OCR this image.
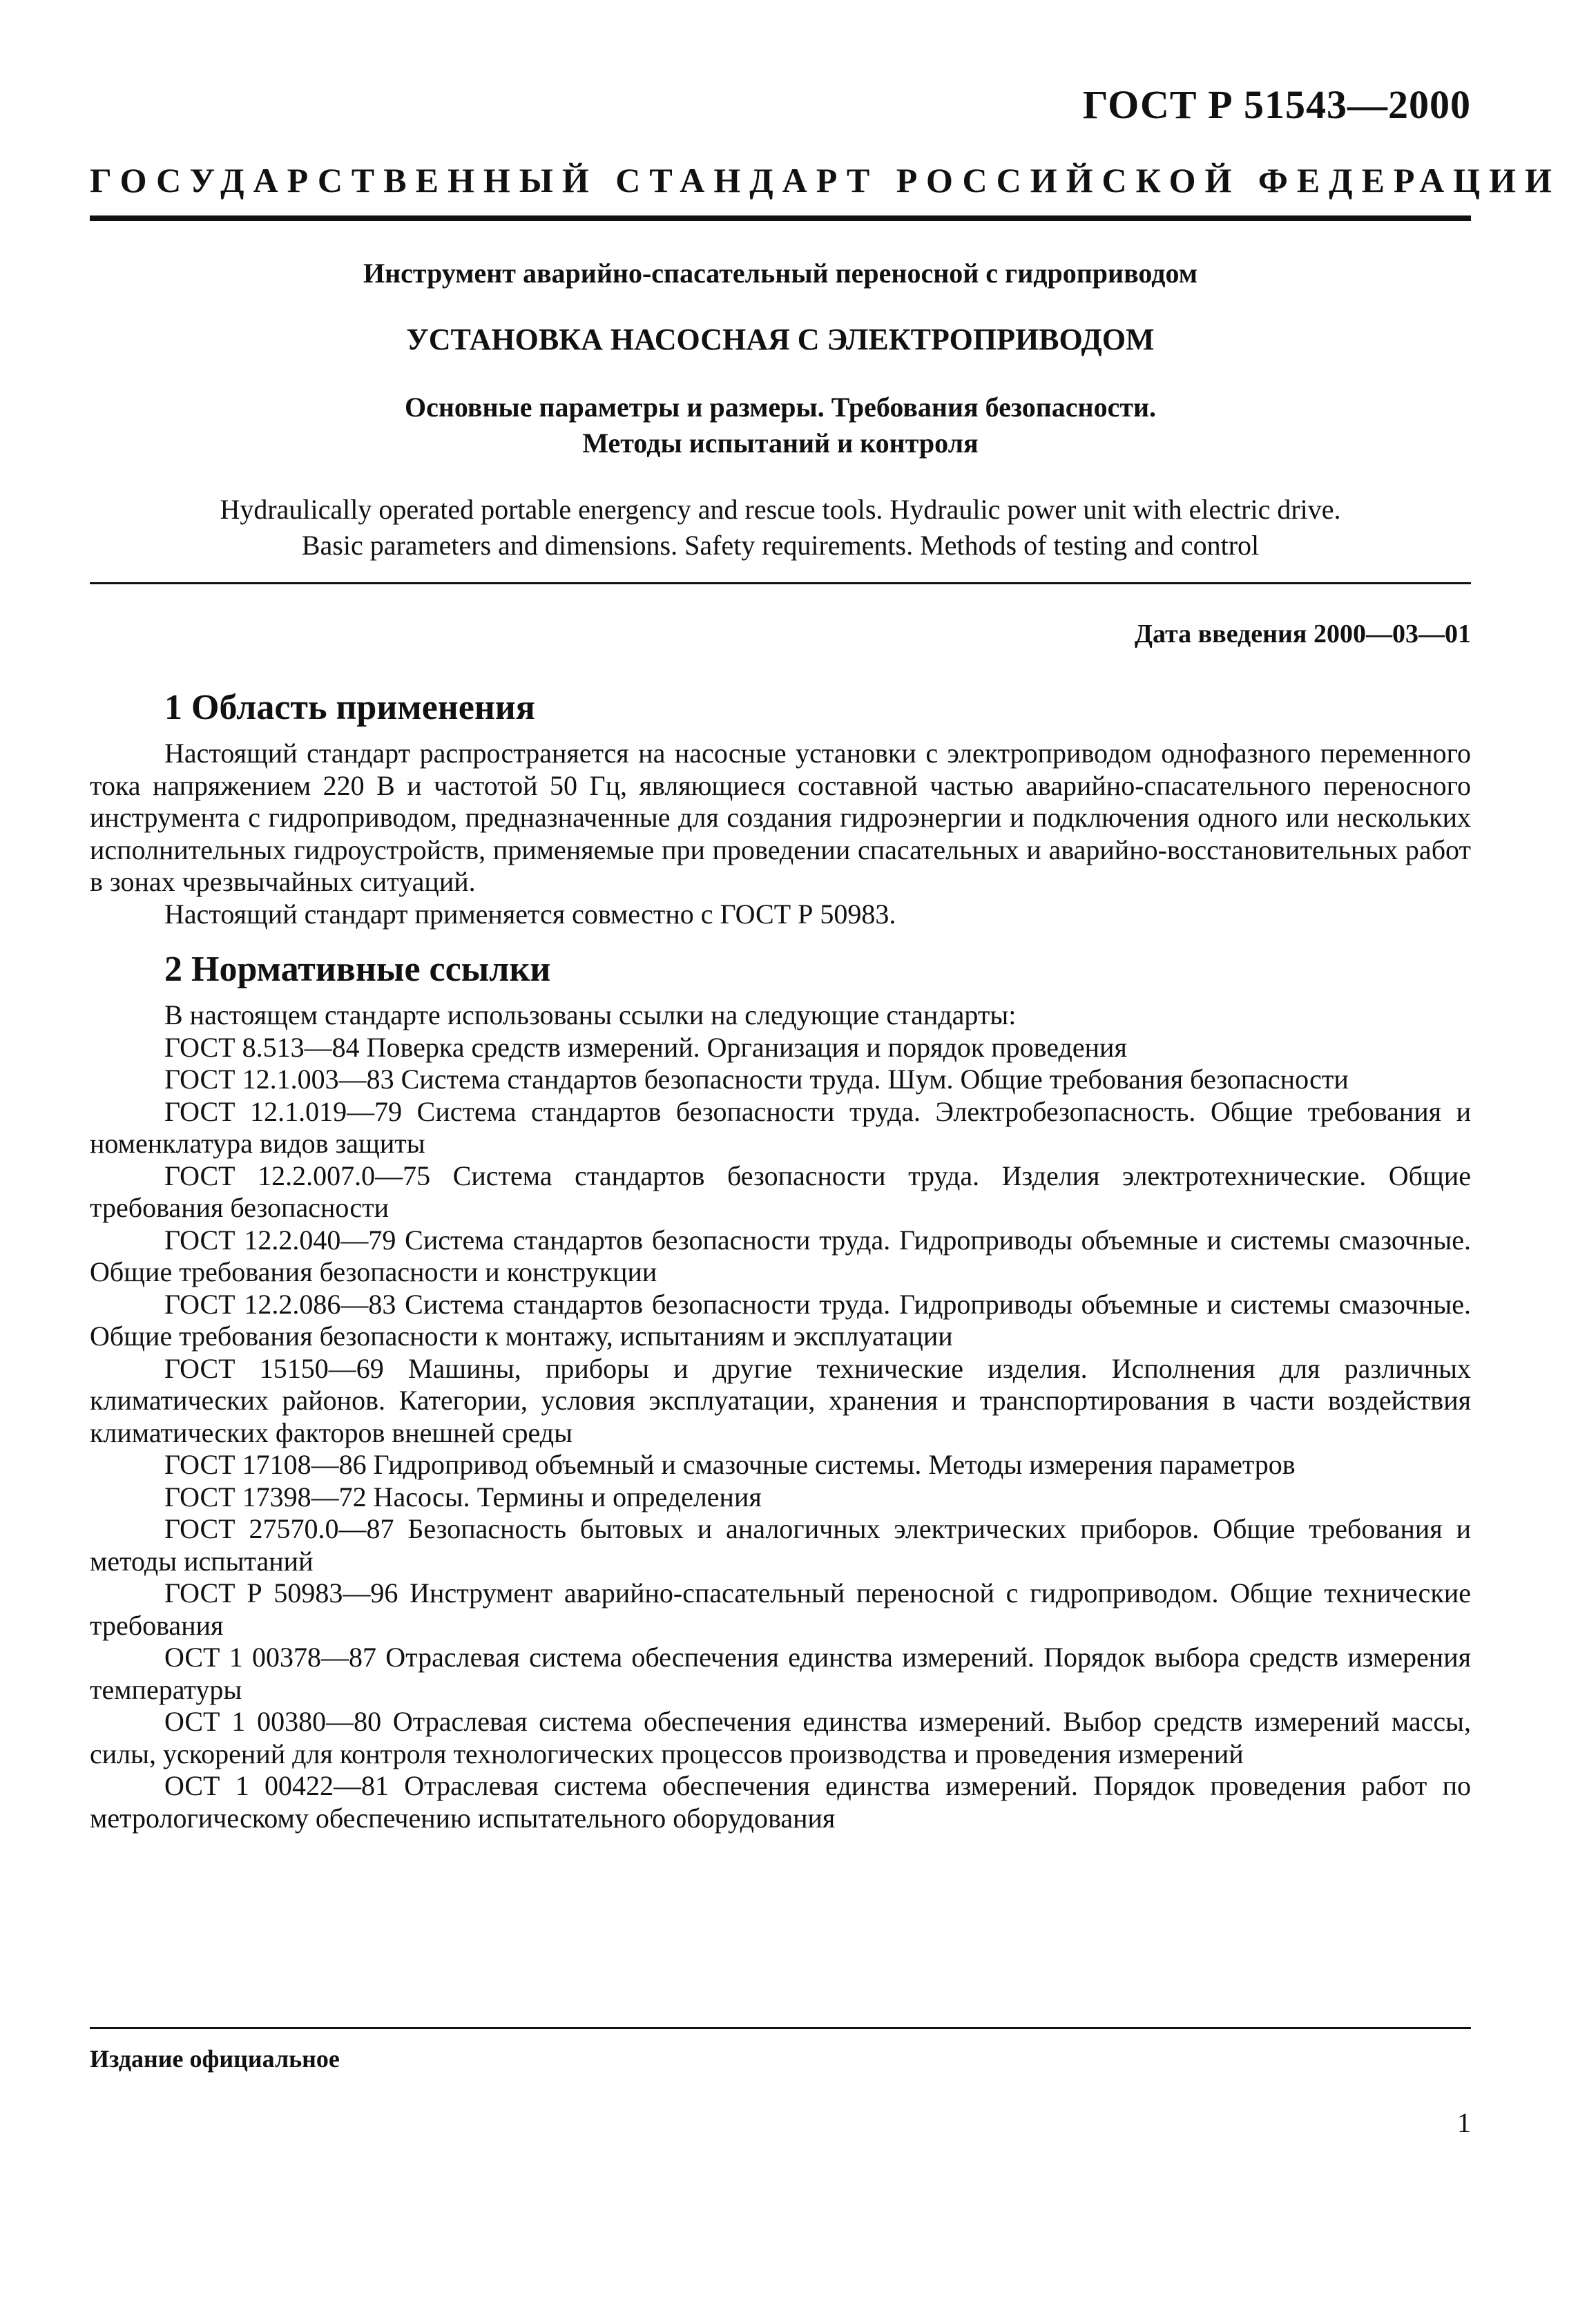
ГОСТ Р 51543—2000
ГОСУДАРСТВЕННЫЙ СТАНДАРТ РОССИЙСКОЙ ФЕДЕРАЦИИ
Инструмент аварийно-спасательный переносной с гидроприводом
УСТАНОВКА НАСОСНАЯ С ЭЛЕКТРОПРИВОДОМ
Основные параметры и размеры. Требования безопасности.
Методы испытаний и контроля
Hydraulically operated portable energency and rescue tools. Hydraulic power unit with electric drive.
Basic parameters and dimensions. Safety requirements. Methods of testing and control
Дата введения 2000—03—01
1 Область применения

Настоящий стандарт распространяется на насосные установки с электроприводом однофазного переменного тока напряжением 220 В и частотой 50 Гц, являющиеся составной частью аварийно-спасательного переносного инструмента с гидроприводом, предназначенные для создания гидроэнергии и подключения одного или нескольких исполнительных гидроустройств, применяемые при проведении спасательных и аварийно-восстановительных работ в зонах чрезвычайных ситуаций.

Настоящий стандарт применяется совместно с ГОСТ Р 50983.

2 Нормативные ссылки

В настоящем стандарте использованы ссылки на следующие стандарты:

ГОСТ 8.513—84 Поверка средств измерений. Организация и порядок проведения

ГОСТ 12.1.003—83 Система стандартов безопасности труда. Шум. Общие требования безопасности

ГОСТ 12.1.019—79 Система стандартов безопасности труда. Электробезопасность. Общие требования и номенклатура видов защиты

ГОСТ 12.2.007.0—75 Система стандартов безопасности труда. Изделия электротехнические. Общие требования безопасности

ГОСТ 12.2.040—79 Система стандартов безопасности труда. Гидроприводы объемные и системы смазочные. Общие требования безопасности и конструкции

ГОСТ 12.2.086—83 Система стандартов безопасности труда. Гидроприводы объемные и системы смазочные. Общие требования безопасности к монтажу, испытаниям и эксплуатации

ГОСТ 15150—69 Машины, приборы и другие технические изделия. Исполнения для различных климатических районов. Категории, условия эксплуатации, хранения и транспортирования в части воздействия климатических факторов внешней среды

ГОСТ 17108—86 Гидропривод объемный и смазочные системы. Методы измерения параметров

ГОСТ 17398—72 Насосы. Термины и определения

ГОСТ 27570.0—87 Безопасность бытовых и аналогичных электрических приборов. Общие требования и методы испытаний

ГОСТ Р 50983—96 Инструмент аварийно-спасательный переносной с гидроприводом. Общие технические требования

ОСТ 1 00378—87 Отраслевая система обеспечения единства измерений. Порядок выбора средств измерения температуры

ОСТ 1 00380—80 Отраслевая система обеспечения единства измерений. Выбор средств измерений массы, силы, ускорений для контроля технологических процессов производства и проведения измерений

ОСТ 1 00422—81 Отраслевая система обеспечения единства измерений. Порядок проведения работ по метрологическому обеспечению испытательного оборудования

Издание официальное
1
